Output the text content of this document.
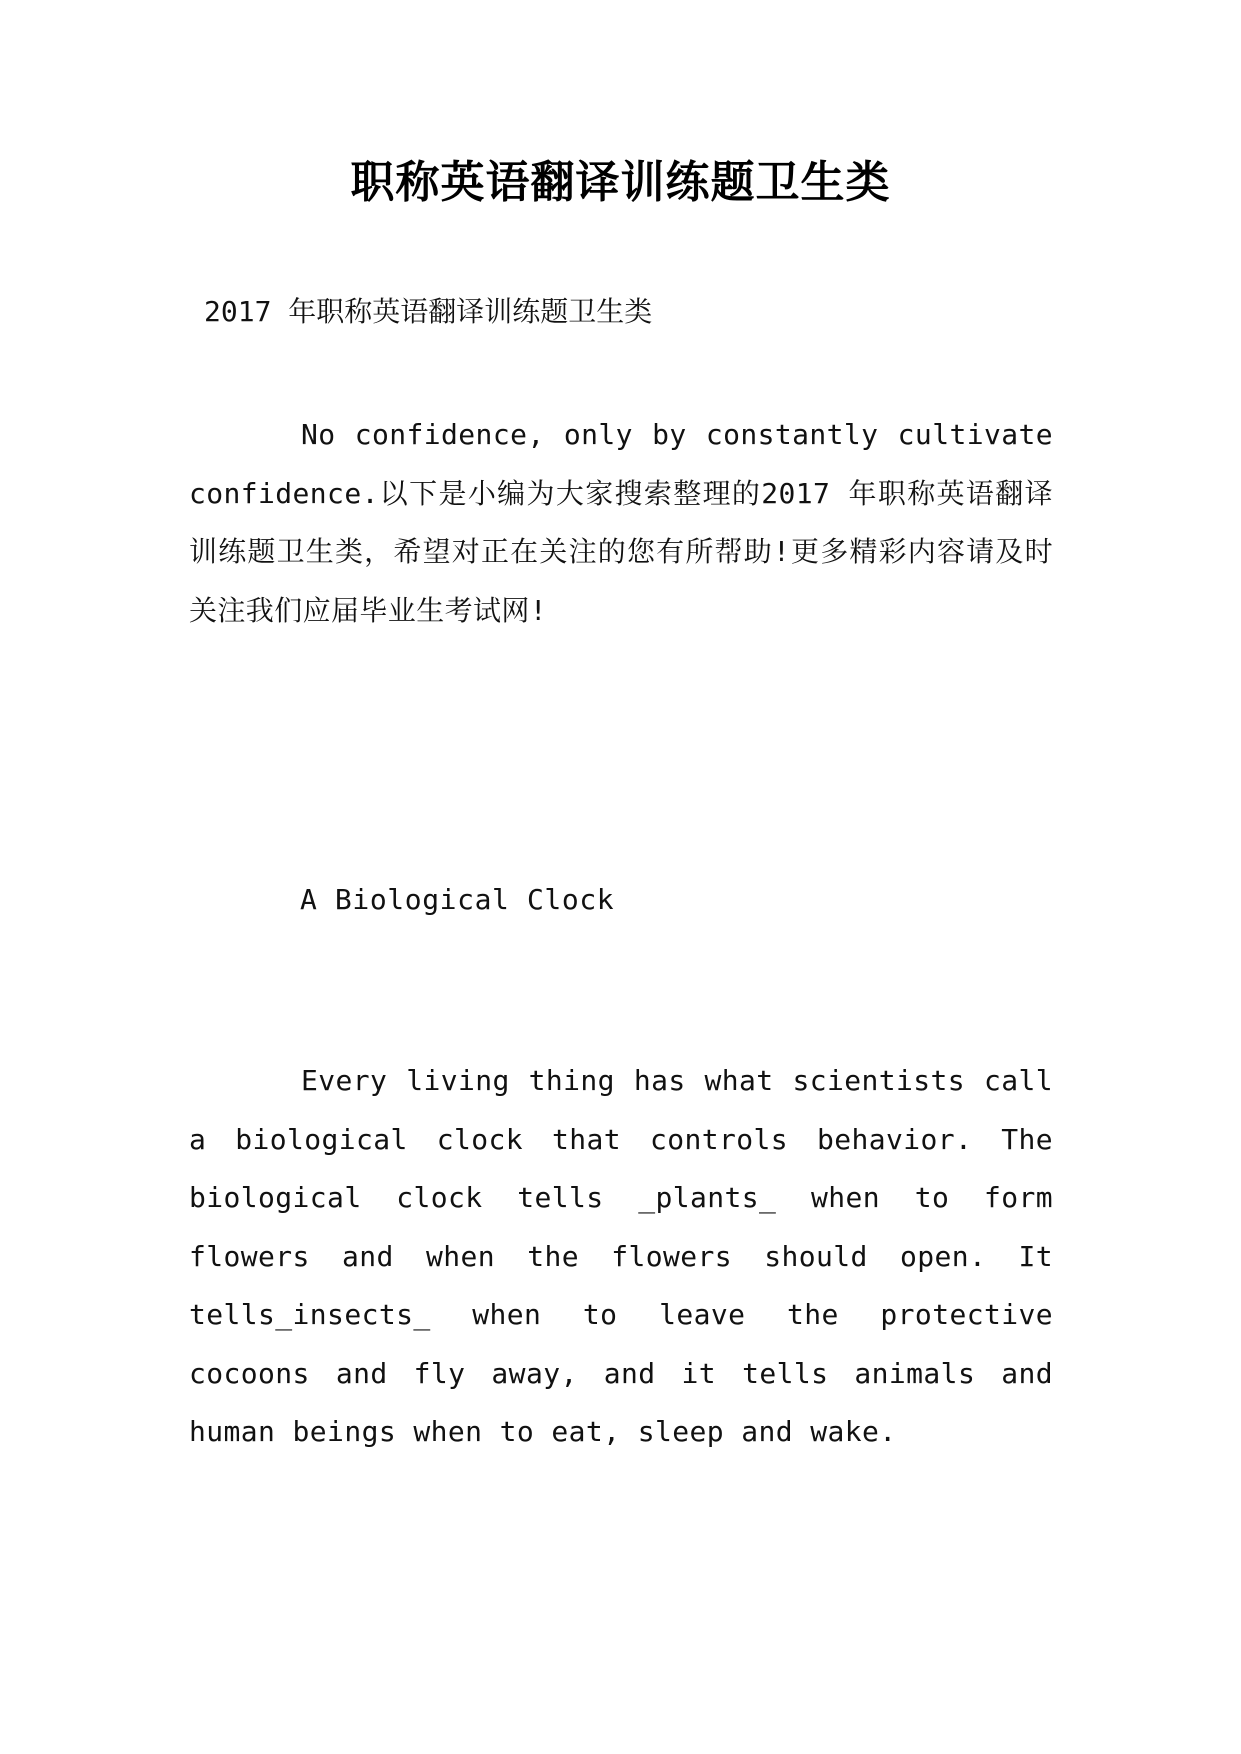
职称英语翻译训练题卫生类
2017 年职称英语翻译训练题卫生类

No confidence, only by constantly cultivate confidence.以下是小编为大家搜索整理的2017 年职称英语翻译训练题卫生类，希望对正在关注的您有所帮助!更多精彩内容请及时关注我们应届毕业生考试网!

A Biological Clock

Every living thing has what scientists call a biological clock that controls behavior. The biological clock tells _plants_ when to form flowers and when the flowers should open. It tells_insects_ when to leave the protective cocoons and fly away, and it tells animals and human beings when to eat, sleep and wake.
